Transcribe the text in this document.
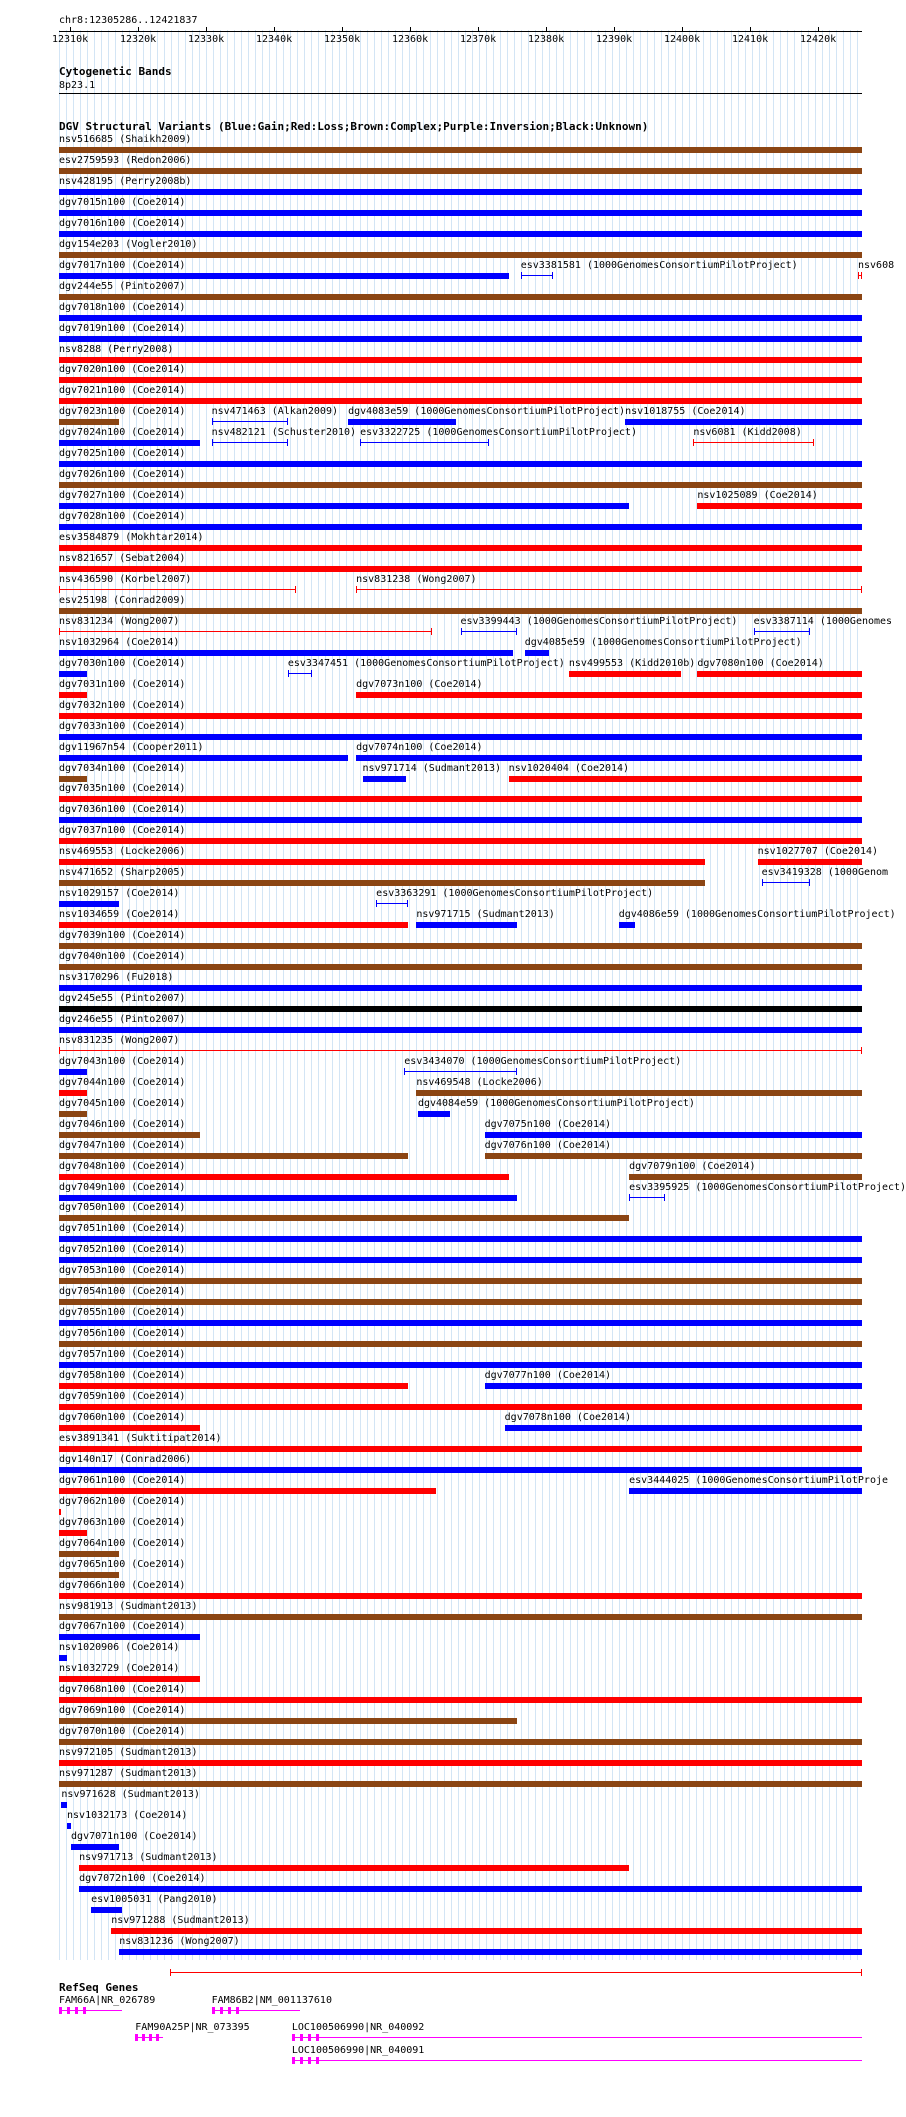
chr8:12305286..12421837
12310k	12320k	12330k	12340k	12350k	12360k	12370k	12380k	12390k	12400k	12410k	12420k
Cytogenetic Bands
8p23.1
DGV Structural Variants (Blue:Gain;Red:Loss;Brown:Complex;Purple:Inversion;Black:Unknown)
nsv516685 (Shaikh2009)
esv2759593 (Redon2006)
nsv428195 (Perry2008b)
dgv7015n100 (Coe2014)
dgv7016n100 (Coe2014)
dgv154e203 (Vogler2010)
dgv7017n100 (Coe2014)	esv3381581 (1000GenomesConsortiumPilotProject)	nsv608
dgv244e55 (Pinto2007)
dgv7018n100 (Coe2014)
dgv7019n100 (Coe2014)
nsv8288 (Perry2008)
dgv7020n100 (Coe2014)
dgv7021n100 (Coe2014)
dgv7023n100 (Coe2014)	nsv471463 (Alkan2009) dgv4083e59 (1000GenomesConsortiumPilotProject) nsv1018755 (Coe2014)
dgv7024n100 (Coe2014)	nsv482121 (Schuster2010) esv3322725 (1000GenomesConsortiumPilotProject)	nsv6081 (Kidd2008)
dgv7025n100 (Coe2014)
dgv7026n100 (Coe2014)
dgv7027n100 (Coe2014)	nsv1025089 (Coe2014)
dgv7028n100 (Coe2014)
esv3584879 (Mokhtar2014)
nsv821657 (Sebat2004)
nsv436590 (Korbel2007)	nsv831238 (Wong2007)
esv25198 (Conrad2009)
nsv831234 (Wong2007)	esv3399443 (1000GenomesConsortiumPilotProject) esv3387114 (1000Genomes
nsv1032964 (Coe2014)	dgv4085e59 (1000GenomesConsortiumPilotProject)
dgv7030n100 (Coe2014)	esv3347451 (1000GenomesConsortiumPilotProject) nsv499553 (Kidd2010b) dgv7080n100 (Coe2014)
dgv7031n100 (Coe2014)	dgv7073n100 (Coe2014)
dgv7032n100 (Coe2014)
dgv7033n100 (Coe2014)
dgv11967n54 (Cooper2011)	dgv7074n100 (Coe2014)
dgv7034n100 (Coe2014)	nsv971714 (Sudmant2013) nsv1020404 (Coe2014)
dgv7035n100 (Coe2014)
dgv7036n100 (Coe2014)
dgv7037n100 (Coe2014)
nsv469553 (Locke2006)	nsv1027707 (Coe2014)
nsv471652 (Sharp2005)	esv3419328 (1000Genom
nsv1029157 (Coe2014)	esv3363291 (1000GenomesConsortiumPilotProject)
nsv1034659 (Coe2014)	nsv971715 (Sudmant2013)	dgv4086e59 (1000GenomesConsortiumPilotProject)
dgv7039n100 (Coe2014)
dgv7040n100 (Coe2014)
nsv3170296 (Fu2018)
dgv245e55 (Pinto2007)
dgv246e55 (Pinto2007)
nsv831235 (Wong2007)
dgv7043n100 (Coe2014)	esv3434070 (1000GenomesConsortiumPilotProject)
dgv7044n100 (Coe2014)	nsv469548 (Locke2006)
dgv7045n100 (Coe2014)	dgv4084e59 (1000GenomesConsortiumPilotProject)
dgv7046n100 (Coe2014)	dgv7075n100 (Coe2014)
dgv7047n100 (Coe2014)	dgv7076n100 (Coe2014)
dgv7048n100 (Coe2014)	dgv7079n100 (Coe2014)
dgv7049n100 (Coe2014)	esv3395925 (1000GenomesConsortiumPilotProject)
dgv7050n100 (Coe2014)
dgv7051n100 (Coe2014)
dgv7052n100 (Coe2014)
dgv7053n100 (Coe2014)
dgv7054n100 (Coe2014)
dgv7055n100 (Coe2014)
dgv7056n100 (Coe2014)
dgv7057n100 (Coe2014)
dgv7058n100 (Coe2014)	dgv7077n100 (Coe2014)
dgv7059n100 (Coe2014)
dgv7060n100 (Coe2014)	dgv7078n100 (Coe2014)
esv3891341 (Suktitipat2014)
dgv140n17 (Conrad2006)
dgv7061n100 (Coe2014)	esv3444025 (1000GenomesConsortiumPilotProje
dgv7062n100 (Coe2014)
dgv7063n100 (Coe2014)
dgv7064n100 (Coe2014)
dgv7065n100 (Coe2014)
dgv7066n100 (Coe2014)
nsv981913 (Sudmant2013)
dgv7067n100 (Coe2014)
nsv1020906 (Coe2014)
nsv1032729 (Coe2014)
dgv7068n100 (Coe2014)
dgv7069n100 (Coe2014)
dgv7070n100 (Coe2014)
nsv972105 (Sudmant2013)
nsv971287 (Sudmant2013)
nsv971628 (Sudmant2013)
nsv1032173 (Coe2014)
dgv7071n100 (Coe2014)
nsv971713 (Sudmant2013)
dgv7072n100 (Coe2014)
esv1005031 (Pang2010)
nsv971288 (Sudmant2013)
nsv831236 (Wong2007)
RefSeq Genes
FAM66A|NR_026789	FAM86B2|NM_001137610
FAM90A25P|NR_073395	LOC100506990|NR_040092
LOC100506990|NR_040091
